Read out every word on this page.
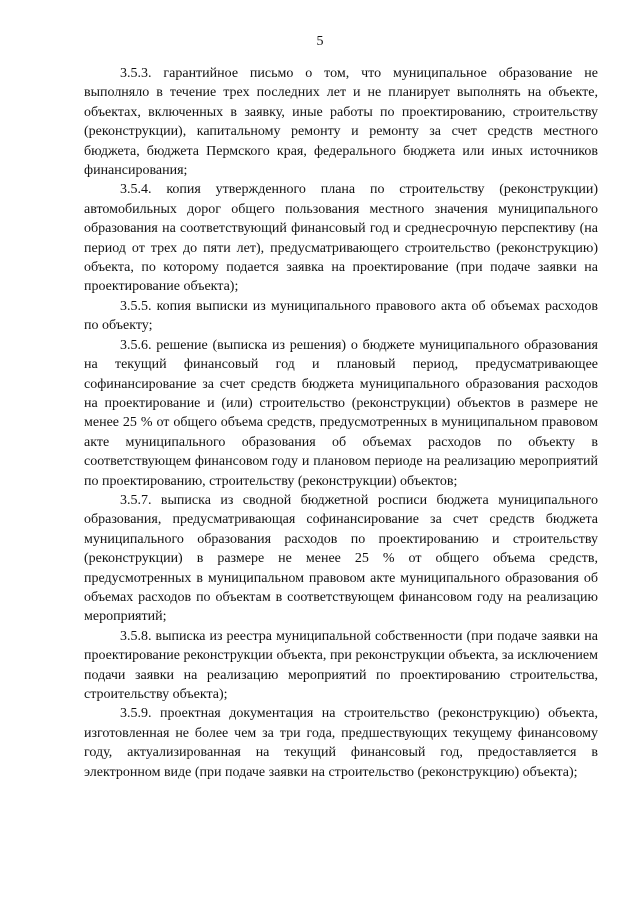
5

3.5.3. гарантийное письмо о том, что муниципальное образование не выполняло в течение трех последних лет и не планирует выполнять на объекте, объектах, включенных в заявку, иные работы по проектированию, строительству (реконструкции), капитальному ремонту и ремонту за счет средств местного бюджета, бюджета Пермского края, федерального бюджета или иных источников финансирования;

3.5.4. копия утвержденного плана по строительству (реконструкции) автомобильных дорог общего пользования местного значения муниципального образования на соответствующий финансовый год и среднесрочную перспективу (на период от трех до пяти лет), предусматривающего строительство (реконструкцию) объекта, по которому подается заявка на проектирование (при подаче заявки на проектирование объекта);

3.5.5. копия выписки из муниципального правового акта об объемах расходов по объекту;

3.5.6. решение (выписка из решения) о бюджете муниципального образования на текущий финансовый год и плановый период, предусматривающее софинансирование за счет средств бюджета муниципального образования расходов на проектирование и (или) строительство (реконструкции) объектов в размере не менее 25 % от общего объема средств, предусмотренных в муниципальном правовом акте муниципального образования об объемах расходов по объекту в соответствующем финансовом году и плановом периоде на реализацию мероприятий по проектированию, строительству (реконструкции) объектов;

3.5.7. выписка из сводной бюджетной росписи бюджета муниципального образования, предусматривающая софинансирование за счет средств бюджета муниципального образования расходов по проектированию и строительству (реконструкции) в размере не менее 25 % от общего объема средств, предусмотренных в муниципальном правовом акте муниципального образования об объемах расходов по объектам в соответствующем финансовом году на реализацию мероприятий;

3.5.8. выписка из реестра муниципальной собственности (при подаче заявки на проектирование реконструкции объекта, при реконструкции объекта, за исключением подачи заявки на реализацию мероприятий по проектированию строительства, строительству объекта);

3.5.9. проектная документация на строительство (реконструкцию) объекта, изготовленная не более чем за три года, предшествующих текущему финансовому году, актуализированная на текущий финансовый год, предоставляется в электронном виде (при подаче заявки на строительство (реконструкцию) объекта);
